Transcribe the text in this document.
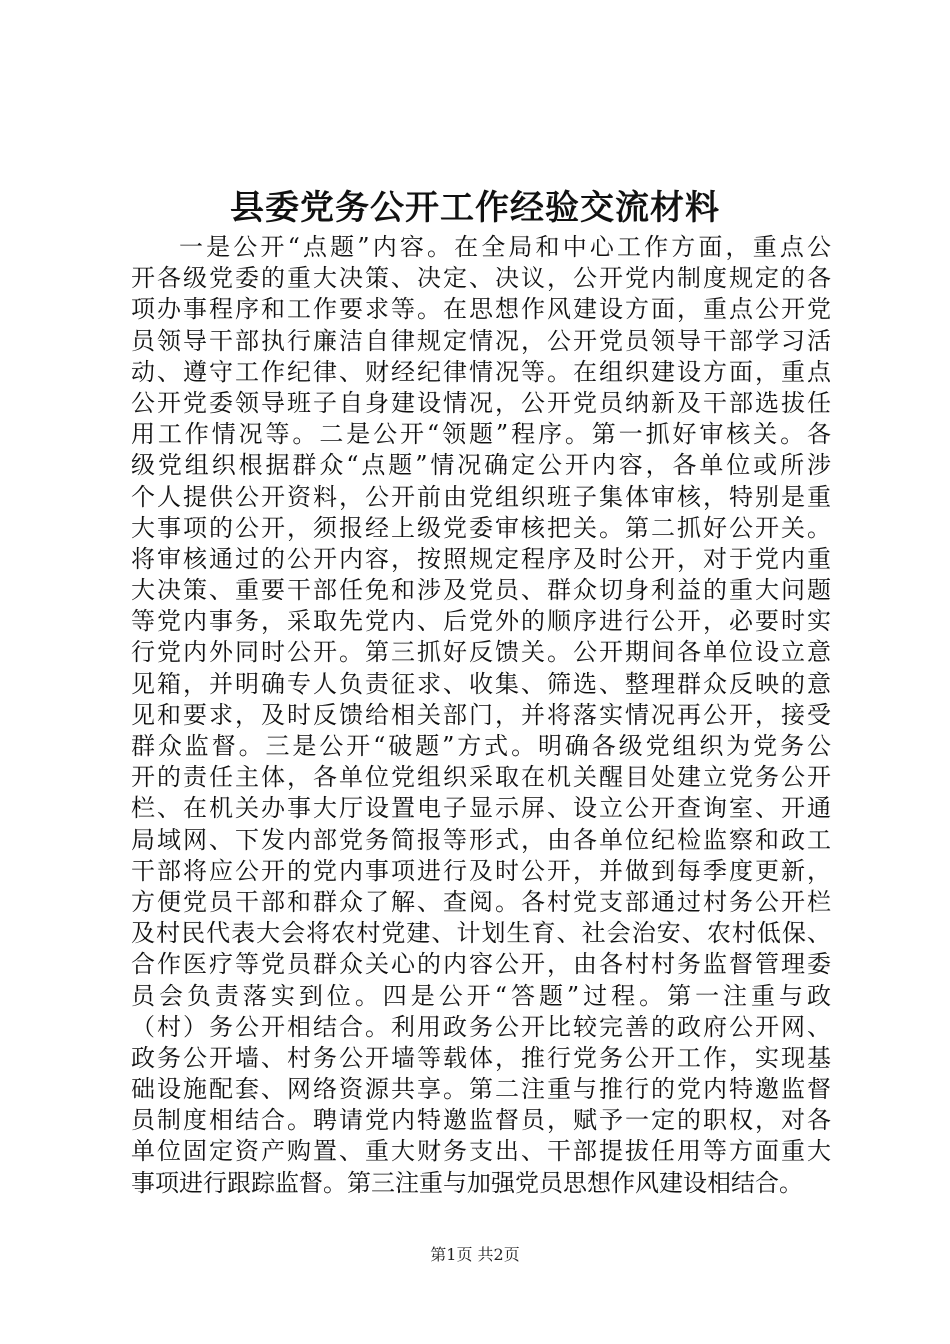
县委党务公开工作经验交流材料
一是公开“点题”内容。在全局和中心工作方面，重点公
开各级党委的重大决策、决定、决议，公开党内制度规定的各
项办事程序和工作要求等。在思想作风建设方面，重点公开党
员领导干部执行廉洁自律规定情况，公开党员领导干部学习活
动、遵守工作纪律、财经纪律情况等。在组织建设方面，重点
公开党委领导班子自身建设情况，公开党员纳新及干部选拔任
用工作情况等。二是公开“领题”程序。第一抓好审核关。各
级党组织根据群众“点题”情况确定公开内容，各单位或所涉
个人提供公开资料，公开前由党组织班子集体审核，特别是重
大事项的公开，须报经上级党委审核把关。第二抓好公开关。
将审核通过的公开内容，按照规定程序及时公开，对于党内重
大决策、重要干部任免和涉及党员、群众切身利益的重大问题
等党内事务，采取先党内、后党外的顺序进行公开，必要时实
行党内外同时公开。第三抓好反馈关。公开期间各单位设立意
见箱，并明确专人负责征求、收集、筛选、整理群众反映的意
见和要求，及时反馈给相关部门，并将落实情况再公开，接受
群众监督。三是公开“破题”方式。明确各级党组织为党务公
开的责任主体，各单位党组织采取在机关醒目处建立党务公开
栏、在机关办事大厅设置电子显示屏、设立公开查询室、开通
局域网、下发内部党务简报等形式，由各单位纪检监察和政工
干部将应公开的党内事项进行及时公开，并做到每季度更新，
方便党员干部和群众了解、查阅。各村党支部通过村务公开栏
及村民代表大会将农村党建、计划生育、社会治安、农村低保、
合作医疗等党员群众关心的内容公开，由各村村务监督管理委
员会负责落实到位。四是公开“答题”过程。第一注重与政
（村）务公开相结合。利用政务公开比较完善的政府公开网、
政务公开墙、村务公开墙等载体，推行党务公开工作，实现基
础设施配套、网络资源共享。第二注重与推行的党内特邀监督
员制度相结合。聘请党内特邀监督员，赋予一定的职权，对各
单位固定资产购置、重大财务支出、干部提拔任用等方面重大
事项进行跟踪监督。第三注重与加强党员思想作风建设相结合。
第1页 共2页
